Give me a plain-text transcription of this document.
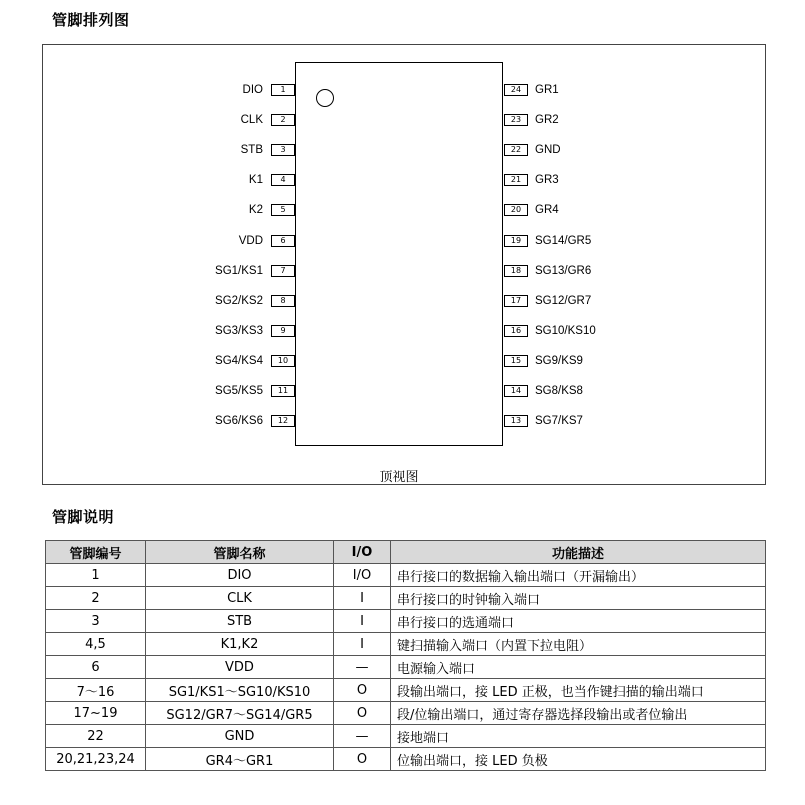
管脚排列图
1
DIO
2
CLK
3
STB
4
K1
5
K2
6
VDD
7
SG1/KS1
8
SG2/KS2
9
SG3/KS3
10
SG4/KS4
11
SG5/KS5
12
SG6/KS6
24	GR1
23	GR2
22	GND
21	GR3
20	GR4
19	SG14/GR5
18	SG13/GR6
17	SG12/GR7
16	SG10/KS10
15	SG9/KS9
14	SG8/KS8
13	SG7/KS7
顶视图
管脚说明
管脚编号	管脚名称	I/O	功能描述
1	DIO	I/O	串行接口的数据输入输出端口（开漏输出）
2	CLK	I	串行接口的时钟输入端口
3	STB	I	串行接口的选通端口
4,5	K1,K2	I	键扫描输入端口（内置下拉电阻）
6	VDD	—	电源输入端口
7～16	SG1/KS1～SG10/KS10	O	段输出端口，接 LED 正极，也当作键扫描的输出端口
17~19	SG12/GR7～SG14/GR5	O	段/位输出端口，通过寄存器选择段输出或者位输出
22	GND	—	接地端口
20,21,23,24	GR4～GR1	O	位输出端口，接 LED 负极
